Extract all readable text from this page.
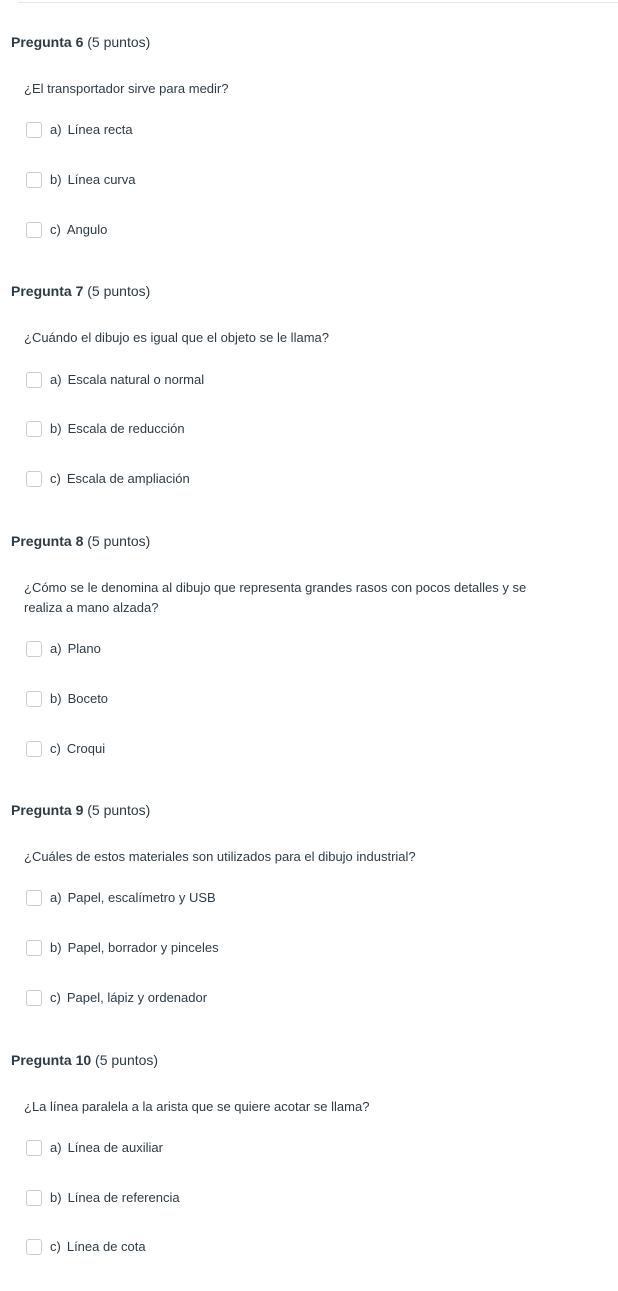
Pregunta 6 (5 puntos)
¿El transportador sirve para medir?
a) Línea recta
b) Línea curva
c) Angulo
Pregunta 7 (5 puntos)
¿Cuándo el dibujo es igual que el objeto se le llama?
a) Escala natural o normal
b) Escala de reducción
c) Escala de ampliación
Pregunta 8 (5 puntos)
¿Cómo se le denomina al dibujo que representa grandes rasos con pocos detalles y se realiza a mano alzada?
a) Plano
b) Boceto
c) Croqui
Pregunta 9 (5 puntos)
¿Cuáles de estos materiales son utilizados para el dibujo industrial?
a) Papel, escalímetro y USB
b) Papel, borrador y pinceles
c) Papel, lápiz y ordenador
Pregunta 10 (5 puntos)
¿La línea paralela a la arista que se quiere acotar se llama?
a) Línea de auxiliar
b) Línea de referencia
c) Línea de cota
